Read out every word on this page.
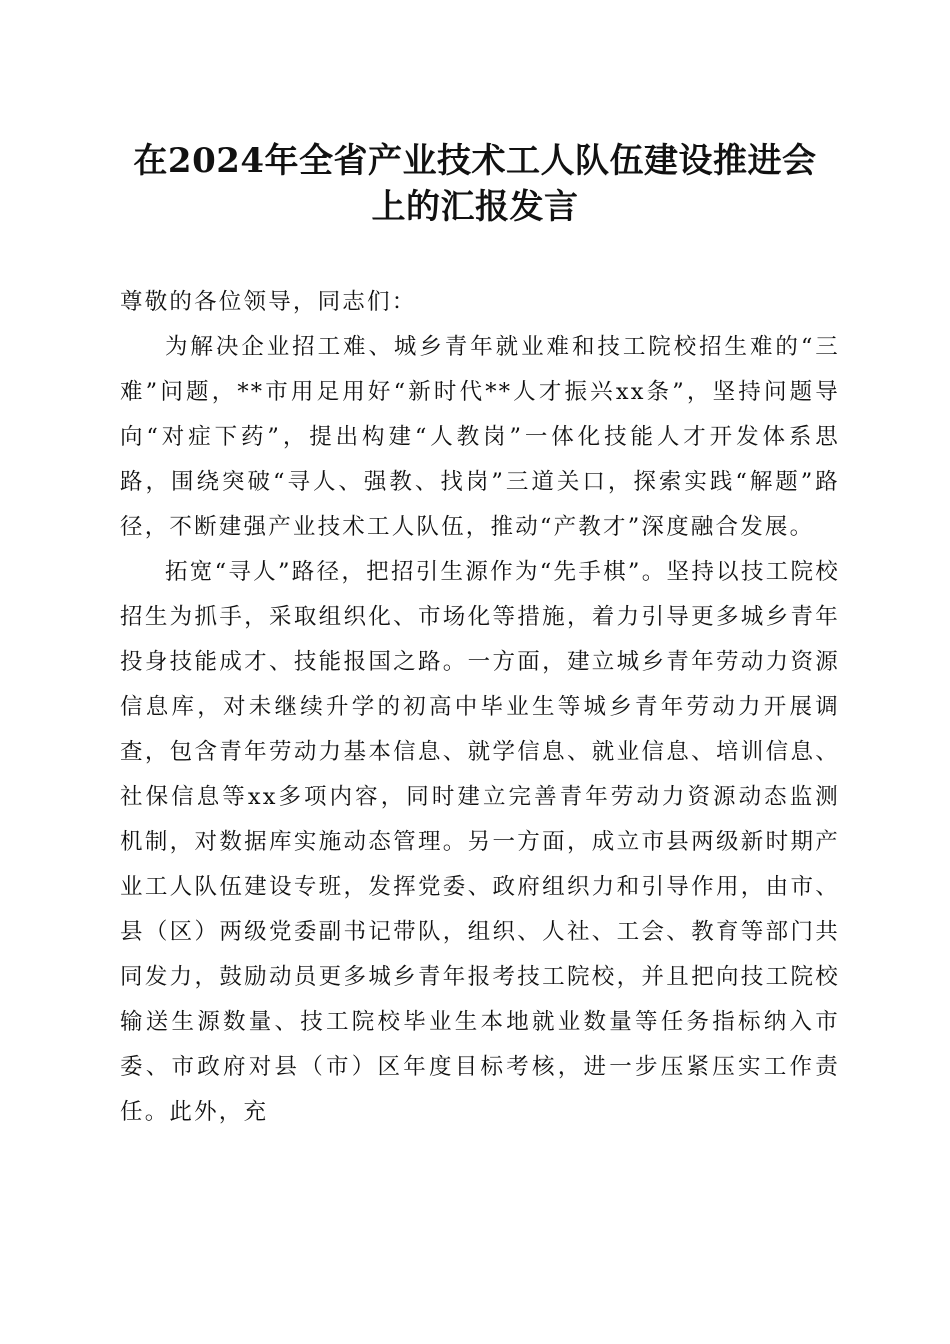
在2024年全省产业技术工人队伍建设推进会
上的汇报发言

尊敬的各位领导，同志们：

为解决企业招工难、城乡青年就业难和技工院校招生难的“三难”问题，**市用足用好“新时代**人才振兴xx条”，坚持问题导向“对症下药”，提出构建“人教岗”一体化技能人才开发体系思路，围绕突破“寻人、强教、找岗”三道关口，探索实践“解题”路径，不断建强产业技术工人队伍，推动“产教才”深度融合发展。

拓宽“寻人”路径，把招引生源作为“先手棋”。坚持以技工院校招生为抓手，采取组织化、市场化等措施，着力引导更多城乡青年投身技能成才、技能报国之路。一方面，建立城乡青年劳动力资源信息库，对未继续升学的初高中毕业生等城乡青年劳动力开展调查，包含青年劳动力基本信息、就学信息、就业信息、培训信息、社保信息等xx多项内容，同时建立完善青年劳动力资源动态监测机制，对数据库实施动态管理。另一方面，成立市县两级新时期产业工人队伍建设专班，发挥党委、政府组织力和引导作用，由市、县（区）两级党委副书记带队，组织、人社、工会、教育等部门共同发力，鼓励动员更多城乡青年报考技工院校，并且把向技工院校输送生源数量、技工院校毕业生本地就业数量等任务指标纳入市委、市政府对县（市）区年度目标考核，进一步压紧压实工作责任。此外，充
